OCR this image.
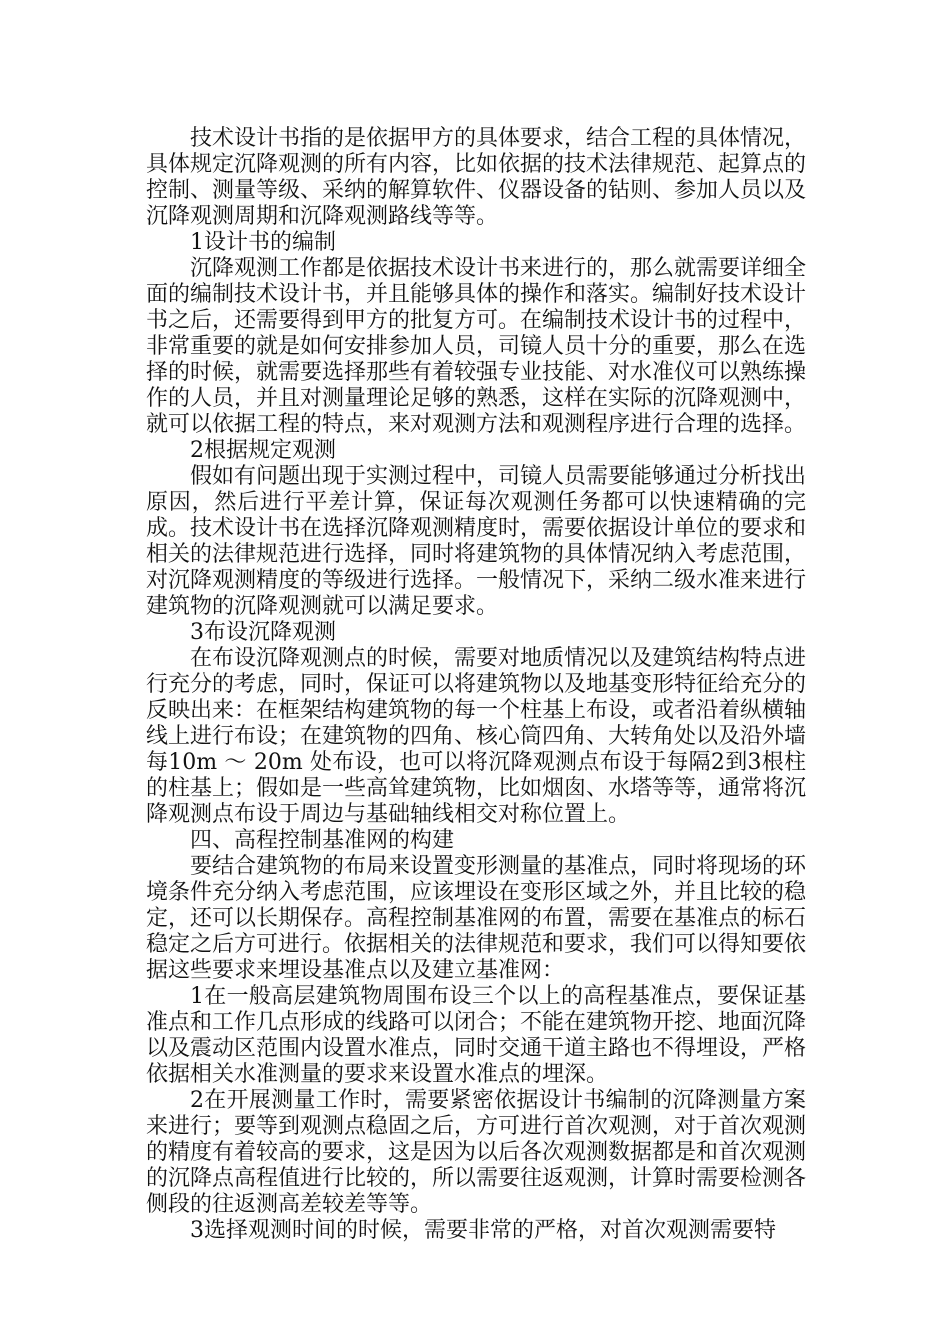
技术设计书指的是依据甲方的具体要求，结合工程的具体情况，具体规定沉降观测的所有内容，比如依据的技术法律规范、起算点的控制、测量等级、采纳的解算软件、仪器设备的钻则、参加人员以及沉降观测周期和沉降观测路线等等。

1设计书的编制

沉降观测工作都是依据技术设计书来进行的，那么就需要详细全面的编制技术设计书，并且能够具体的操作和落实。编制好技术设计书之后，还需要得到甲方的批复方可。在编制技术设计书的过程中，非常重要的就是如何安排参加人员，司镜人员十分的重要，那么在选择的时候，就需要选择那些有着较强专业技能、对水准仪可以熟练操作的人员，并且对测量理论足够的熟悉，这样在实际的沉降观测中，就可以依据工程的特点，来对观测方法和观测程序进行合理的选择。

2根据规定观测

假如有问题出现于实测过程中，司镜人员需要能够通过分析找出原因，然后进行平差计算，保证每次观测任务都可以快速精确的完成。技术设计书在选择沉降观测精度时，需要依据设计单位的要求和相关的法律规范进行选择，同时将建筑物的具体情况纳入考虑范围，对沉降观测精度的等级进行选择。一般情况下，采纳二级水准来进行建筑物的沉降观测就可以满足要求。

3布设沉降观测

在布设沉降观测点的时候，需要对地质情况以及建筑结构特点进行充分的考虑，同时，保证可以将建筑物以及地基变形特征给充分的反映出来：在框架结构建筑物的每一个柱基上布设，或者沿着纵横轴线上进行布设；在建筑物的四角、核心筒四角、大转角处以及沿外墙每10m ～ 20m 处布设，也可以将沉降观测点布设于每隔2到3根柱的柱基上；假如是一些高耸建筑物，比如烟囱、水塔等等，通常将沉降观测点布设于周边与基础轴线相交对称位置上。

四、高程控制基准网的构建

要结合建筑物的布局来设置变形测量的基准点，同时将现场的环境条件充分纳入考虑范围，应该埋设在变形区域之外，并且比较的稳定，还可以长期保存。高程控制基准网的布置，需要在基准点的标石稳定之后方可进行。依据相关的法律规范和要求，我们可以得知要依据这些要求来埋设基准点以及建立基准网：

1在一般高层建筑物周围布设三个以上的高程基准点，要保证基准点和工作几点形成的线路可以闭合；不能在建筑物开挖、地面沉降以及震动区范围内设置水准点，同时交通干道主路也不得埋设，严格依据相关水准测量的要求来设置水准点的埋深。

2在开展测量工作时，需要紧密依据设计书编制的沉降测量方案来进行；要等到观测点稳固之后，方可进行首次观测，对于首次观测的精度有着较高的要求，这是因为以后各次观测数据都是和首次观测的沉降点高程值进行比较的，所以需要往返观测，计算时需要检测各侧段的往返测高差较差等等。

3选择观测时间的时候，需要非常的严格，对首次观测需要特
